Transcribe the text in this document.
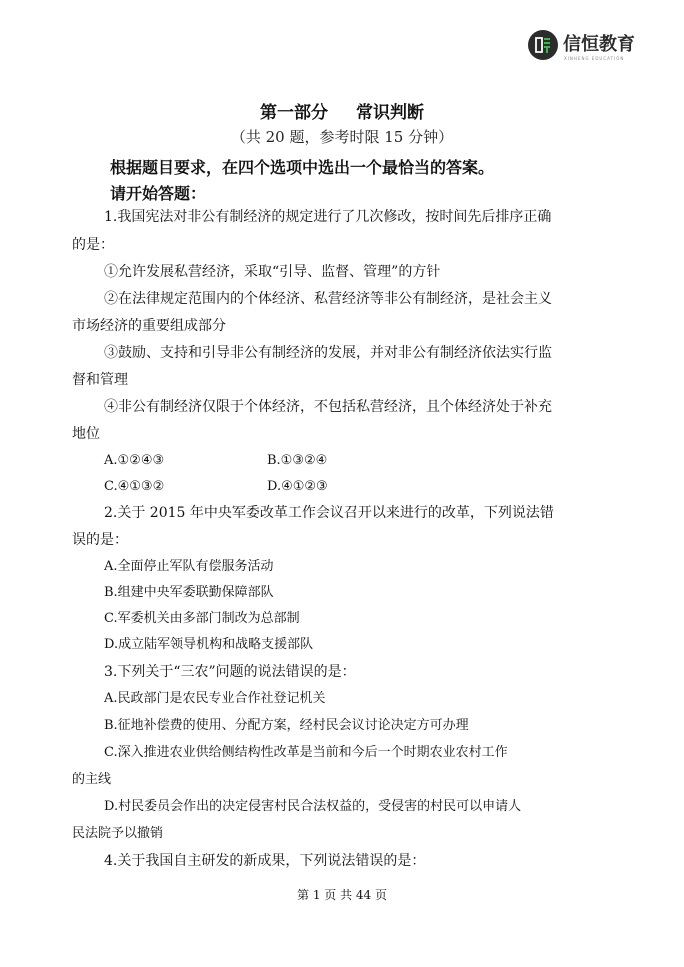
信恒教育
XINHENG EDUCATION
第一部分 常识判断
（共 20 题，参考时限 15 分钟）
根据题目要求，在四个选项中选出一个最恰当的答案。
请开始答题：
1.我国宪法对非公有制经济的规定进行了几次修改，按时间先后排序正确
的是：
①允许发展私营经济，采取“引导、监督、管理”的方针
②在法律规定范围内的个体经济、私营经济等非公有制经济，是社会主义
市场经济的重要组成部分
③鼓励、支持和引导非公有制经济的发展，并对非公有制经济依法实行监
督和管理
④非公有制经济仅限于个体经济，不包括私营经济，且个体经济处于补充
地位
A.①②④③	B.①③②④
C.④①③②	D.④①②③
2.关于 2015 年中央军委改革工作会议召开以来进行的改革，下列说法错
误的是：
A.全面停止军队有偿服务活动
B.组建中央军委联勤保障部队
C.军委机关由多部门制改为总部制
D.成立陆军领导机构和战略支援部队
3.下列关于“三农”问题的说法错误的是：
A.民政部门是农民专业合作社登记机关
B.征地补偿费的使用、分配方案，经村民会议讨论决定方可办理
C.深入推进农业供给侧结构性改革是当前和今后一个时期农业农村工作
的主线
D.村民委员会作出的决定侵害村民合法权益的，受侵害的村民可以申请人
民法院予以撤销
4.关于我国自主研发的新成果，下列说法错误的是：
第 1 页 共 44 页
